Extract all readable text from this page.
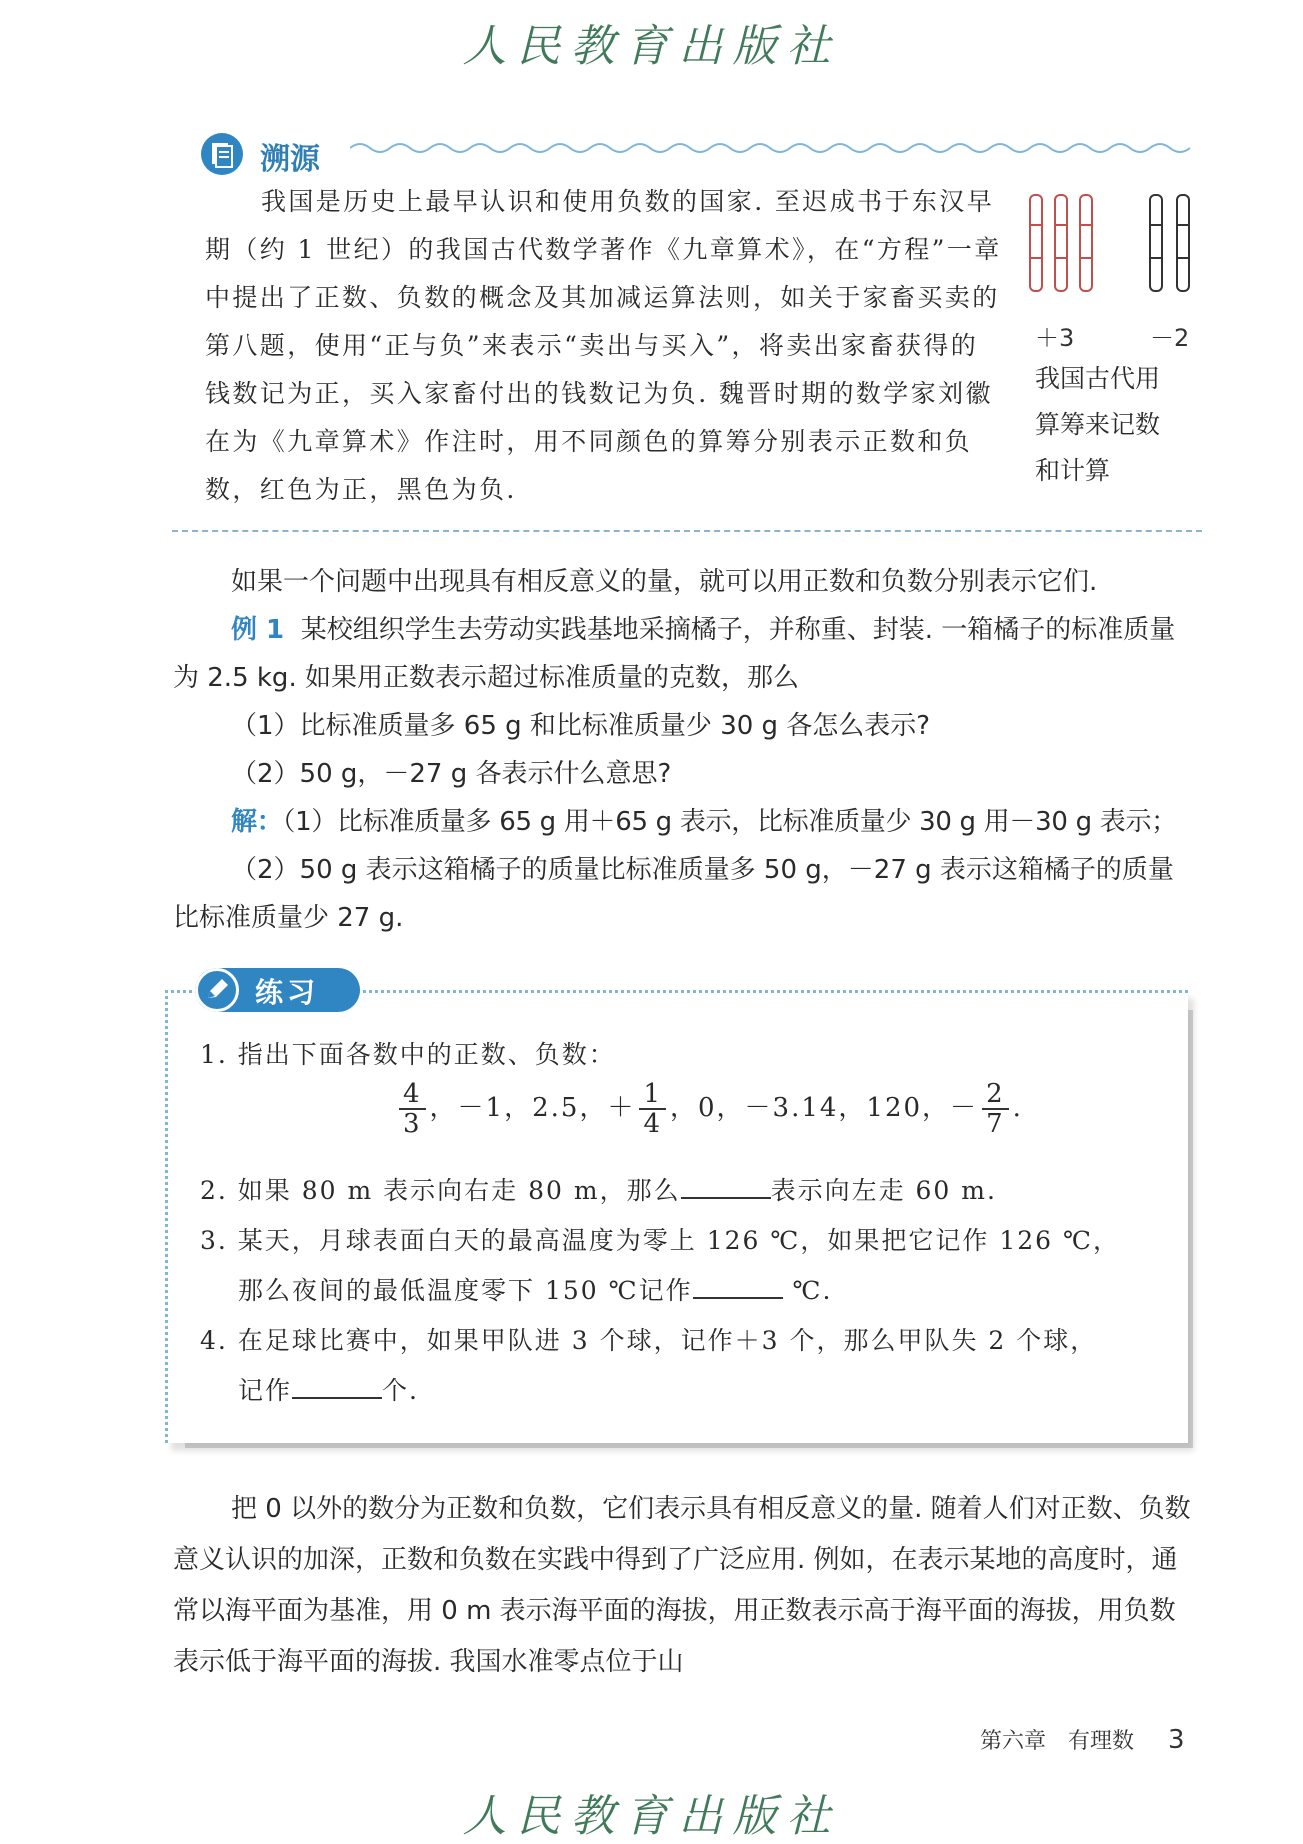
人民教育出版社
溯源
我国是历史上最早认识和使用负数的国家. 至迟成书于东汉早期（约 1 世纪）的我国古代数学著作《九章算术》，在“方程”一章中提出了正数、负数的概念及其加减运算法则，如关于家畜买卖的第八题，使用“正与负”来表示“卖出与买入”，将卖出家畜获得的钱数记为正，买入家畜付出的钱数记为负. 魏晋时期的数学家刘徽在为《九章算术》作注时，用不同颜色的算筹分别表示正数和负数，红色为正，黑色为负.
＋3	－2
我国古代用算筹来记数和计算
如果一个问题中出现具有相反意义的量，就可以用正数和负数分别表示它们.
例 1 某校组织学生去劳动实践基地采摘橘子，并称重、封装. 一箱橘子的标准质量为 2.5 kg. 如果用正数表示超过标准质量的克数，那么
（1）比标准质量多 65 g 和比标准质量少 30 g 各怎么表示?
（2）50 g，－27 g 各表示什么意思?
解：（1）比标准质量多 65 g 用＋65 g 表示，比标准质量少 30 g 用－30 g 表示；
（2）50 g 表示这箱橘子的质量比标准质量多 50 g，－27 g 表示这箱橘子的质量比标准质量少 27 g.
练习
1. 指出下面各数中的正数、负数：
$\frac{4}{3}$ ，－1，2.5，＋ $\frac{1}{4}$ ，0，－3.14，120，－ $\frac{2}{7}$ .
2. 如果 80 m 表示向右走 80 m，那么	表示向左走 60 m.
3. 某天，月球表面白天的最高温度为零上 126 ℃，如果把它记作 126 ℃，
那么夜间的最低温度零下 150 ℃记作	℃.
4. 在足球比赛中，如果甲队进 3 个球，记作＋3 个，那么甲队失 2 个球，
记作	个.
把 0 以外的数分为正数和负数，它们表示具有相反意义的量. 随着人们对正数、负数意义认识的加深，正数和负数在实践中得到了广泛应用. 例如，在表示某地的高度时，通常以海平面为基准，用 0 m 表示海平面的海拔，用正数表示高于海平面的海拔，用负数表示低于海平面的海拔. 我国水准零点位于山
第六章　有理数 3
人民教育出版社
